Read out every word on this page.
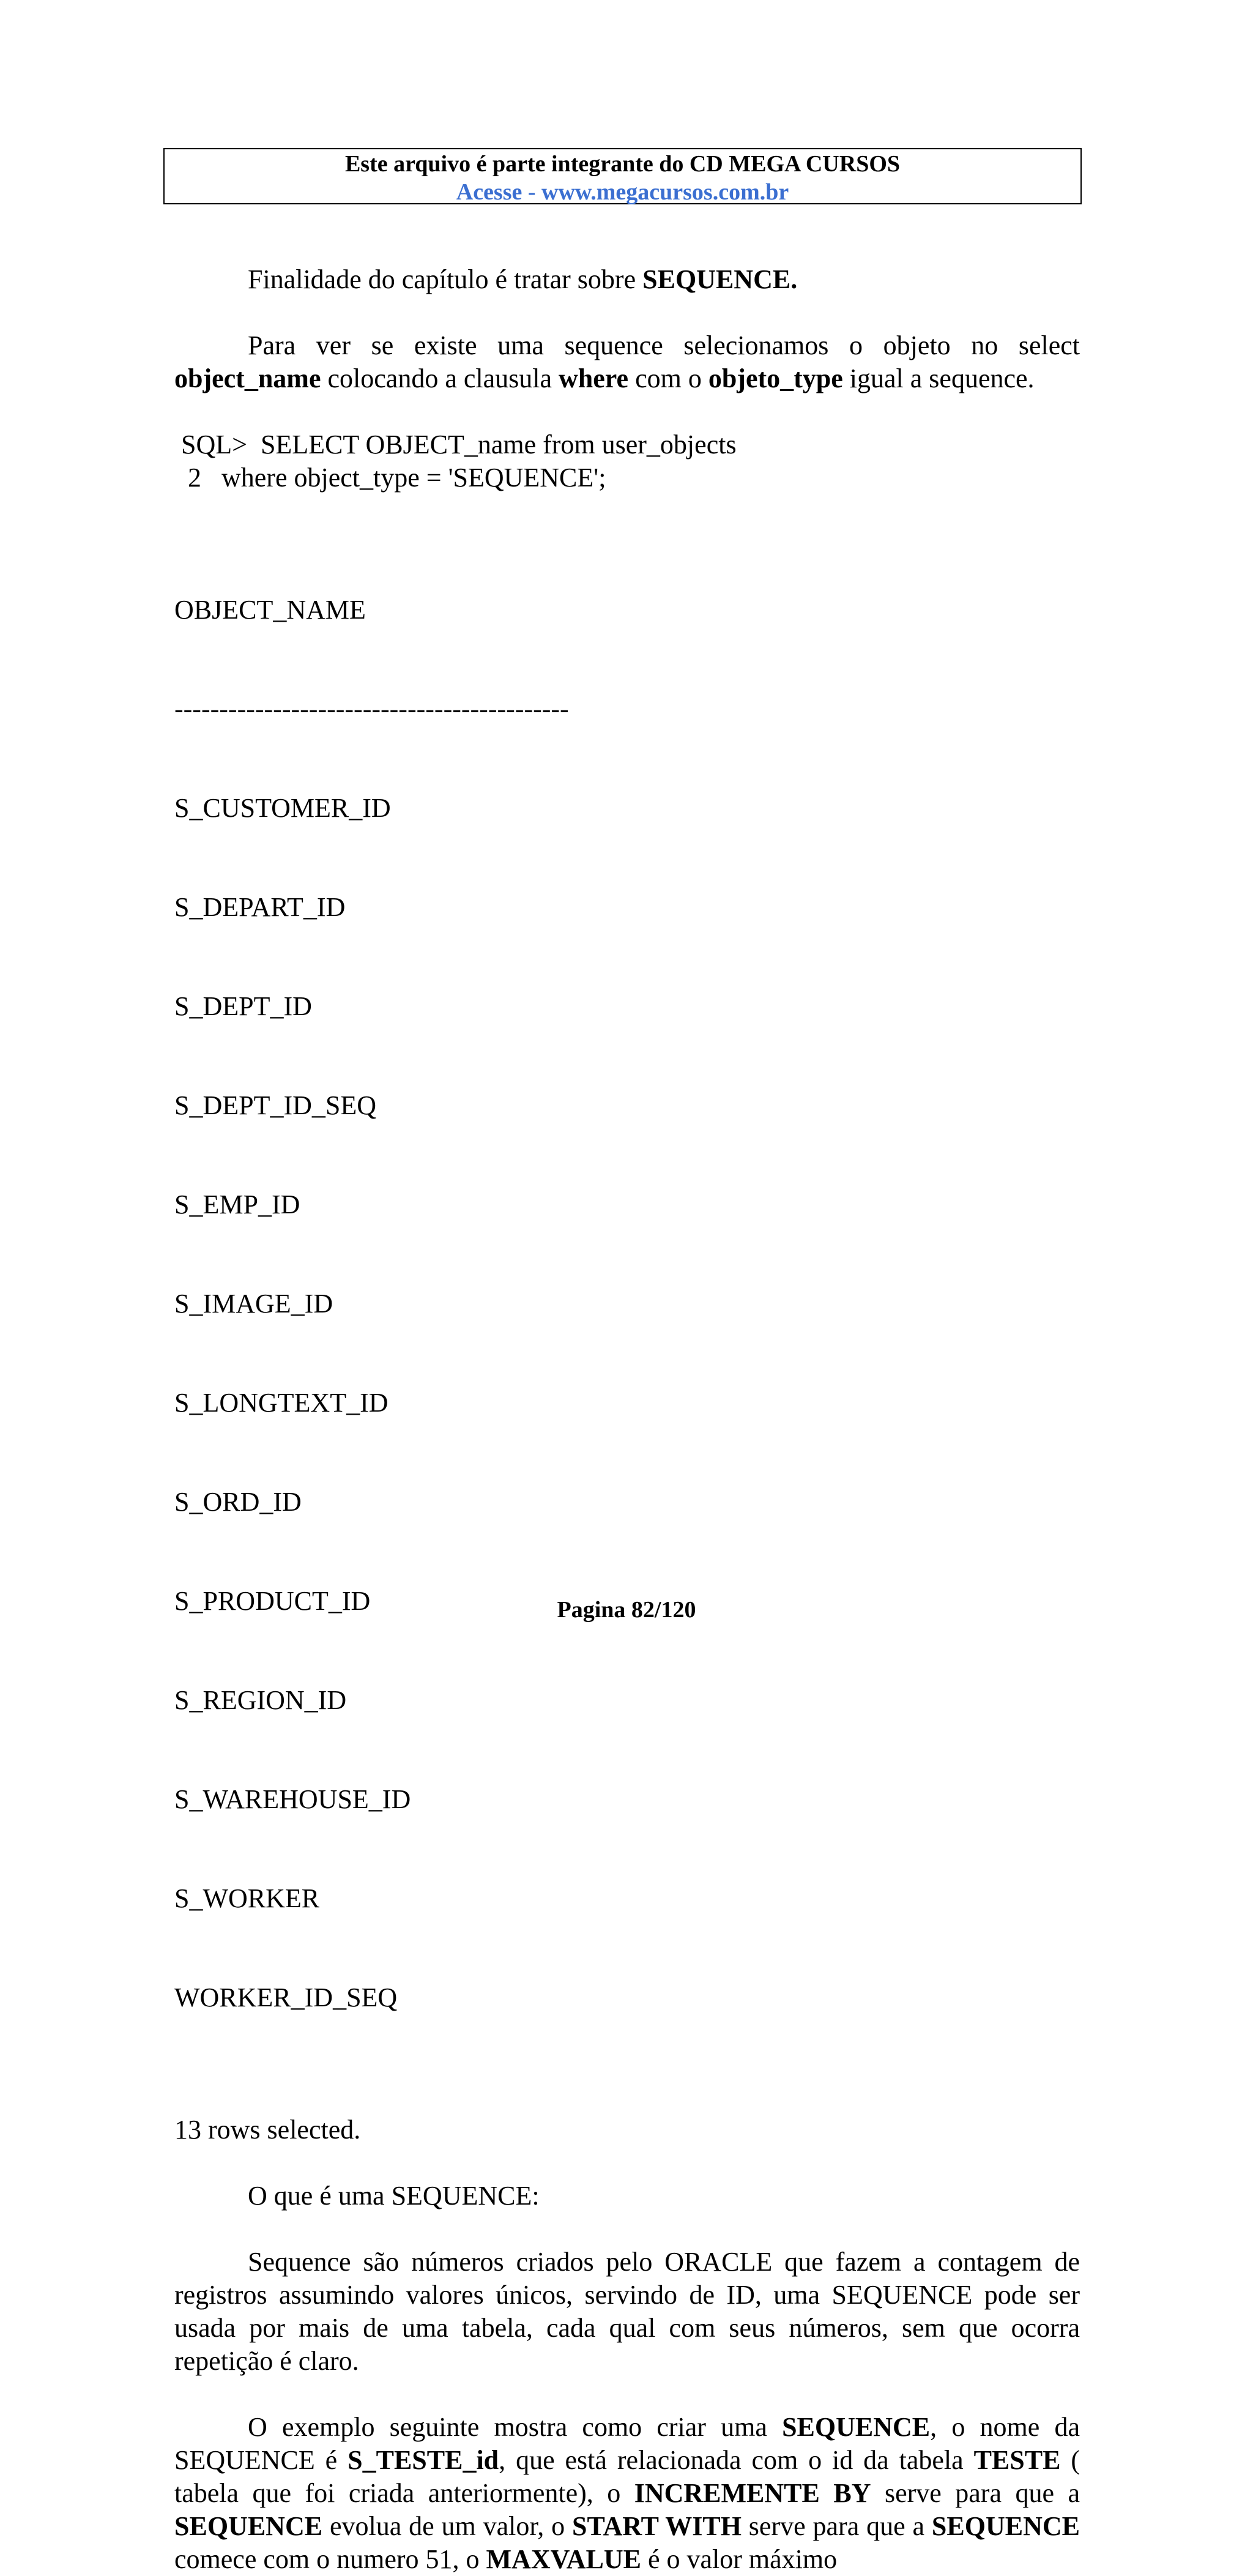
Este arquivo é parte integrante do CD MEGA CURSOS
Acesse - www.megacursos.com.br

Finalidade do capítulo é tratar sobre SEQUENCE.

Para ver se existe uma sequence selecionamos o objeto no select object_name colocando a clausula where com o objeto_type igual a sequence.

SQL>  SELECT OBJECT_name from user_objects
2   where object_type = 'SEQUENCE';

OBJECT_NAME

--------------------------------------------

S_CUSTOMER_ID

S_DEPART_ID

S_DEPT_ID

S_DEPT_ID_SEQ

S_EMP_ID

S_IMAGE_ID

S_LONGTEXT_ID

S_ORD_ID

S_PRODUCT_ID

S_REGION_ID

S_WAREHOUSE_ID

S_WORKER

WORKER_ID_SEQ

13 rows selected.

O que é uma SEQUENCE:

Sequence são números criados pelo ORACLE que fazem a contagem de registros assumindo valores únicos, servindo de ID, uma SEQUENCE pode ser usada por mais de uma tabela, cada qual com seus números, sem que ocorra repetição é claro.

O exemplo seguinte mostra como criar uma SEQUENCE, o nome da SEQUENCE é S_TESTE_id, que está relacionada com o id da tabela TESTE ( tabela que foi criada anteriormente), o INCREMENTE BY serve para que a SEQUENCE evolua de um valor, o START WITH serve para que a SEQUENCE comece com o numero 51, o MAXVALUE é o valor máximo

Pagina 82/120
